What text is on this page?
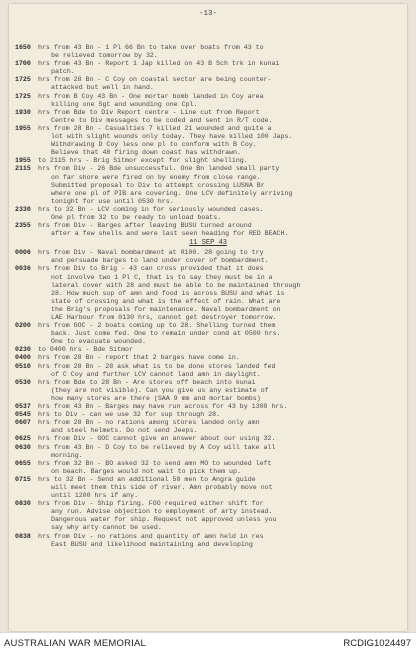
-13-
1650 hrs from 43 Bn - 1 Pl 66 Bn to take over boats from 43 to
be relieved tomorrow by 32.
1700 hrs from 43 Bn - Report 1 Jap killed on 43 B Sch trk in kunai
patch.
1725 hrs from 28 Bn - C Coy on coastal sector are being counter-
attacked but well in hand.
1725 hrs from B Coy 43 Bn - One mortar bomb landed in Coy area
killing one Sgt and wounding one Cpl.
1930 hrs from Bde to Div Report centre - Line cut from Report
Centre to Div messages to be coded and sent in R/T code.
1955 hrs from 28 Bn - Casualties 7 killed 21 wounded and quite a
lot with slight wounds only today. They have killed 100 Japs.
Withdrawing D Coy less one pl to conform with B Coy.
Believe that 48 firing down coast has withdrawn.
1955 to 2115 hrs - Brig Sitmor except for slight shelling.
2115 hrs from Div - 26 Bde unsuccessful. One Bn landed small party
on far shore were fired on by enemy from close range.
Submitted proposal to Div to attempt crossing LUSNA Br
where one pl of PIB are covering. One LCV definitely arriving
tonight for use until 0530 hrs.
2330 hrs to 32 Bn - LCV coming in for seriously wounded cases.
One pl from 32 to be ready to unload boats.
2355 hrs from Div - Barges after leaving BUSU turned around
after a few shells and were last seen heading for RED BEACH.
11 SEP 43
0006 hrs from Div - Naval bombardment at 0100. 28 going to try
and persuade barges to land under cover of bombardment.
0036 hrs from Div to Brig - 43 can cross provided that it does
not involve two 1 Pl C, that is to say they must be in a
lateral cover with 28 and must be able to be maintained through
28. How much sup of amn and food is across BUSU and what is
state of crossing and what is the effect of rain. What are
the Brig's proposals for maintenance. Naval bombardment on
LAE Harbour from 0130 hrs, cannot get destroyer tomorrow.
0200 hrs from GOC - 2 boats coming up to 28. Shelling turned them
back. Just come fed. One to remain under cond at 0500 hrs.
One to evacuate wounded.
0230 to 0400 hrs - Bde Sitmor
0400 hrs from 28 Bn - report that 2 barges have come in.
0510 hrs from 28 Bn - 28 ask what is to be done stores landed fed
of C Coy and further LCV cannot land amn in daylight.
0530 hrs from Bde to 28 Bn - Are stores off beach into kunai
(they are not visible). Can you give us any estimate of
how many stores are there (SAA 9 mm and mortar bombs)
0537 hrs from 43 Bn - Barges may have run across for 43 by 1300 hrs.
0545 hrs to Div - can we use 32 for sup through 28.
0607 hrs from 28 Bn - no rations among stores landed only amn
and steel helmets. Do not send Jeeps.
0625 hrs from Div - GOC cannot give an answer about our using 32.
0630 hrs from 43 Bn - D Coy to be relieved by A Coy will take all
morning.
0655 hrs from 32 Bn - BO asked 32 to send amn MO to wounded left
on beach. Barges would not wait to pick them up.
0715 hrs to 32 Bn - Send an additional 50 men to Angra guide
will meet them this side of river. Amn probably move not
until 1200 hrs if any.
0830 hrs from Div - Ship firing. FOO required either shift for
any run. Advise objection to employment of arty instead.
Dangerous water for ship. Request not approved unless you
say why arty cannot be used.
0838 hrs from Div - no rations and quantity of amn held in res
East BUSU and likelihood maintaining and developing
AUSTRALIAN WAR MEMORIAL	RCDIG1024497
